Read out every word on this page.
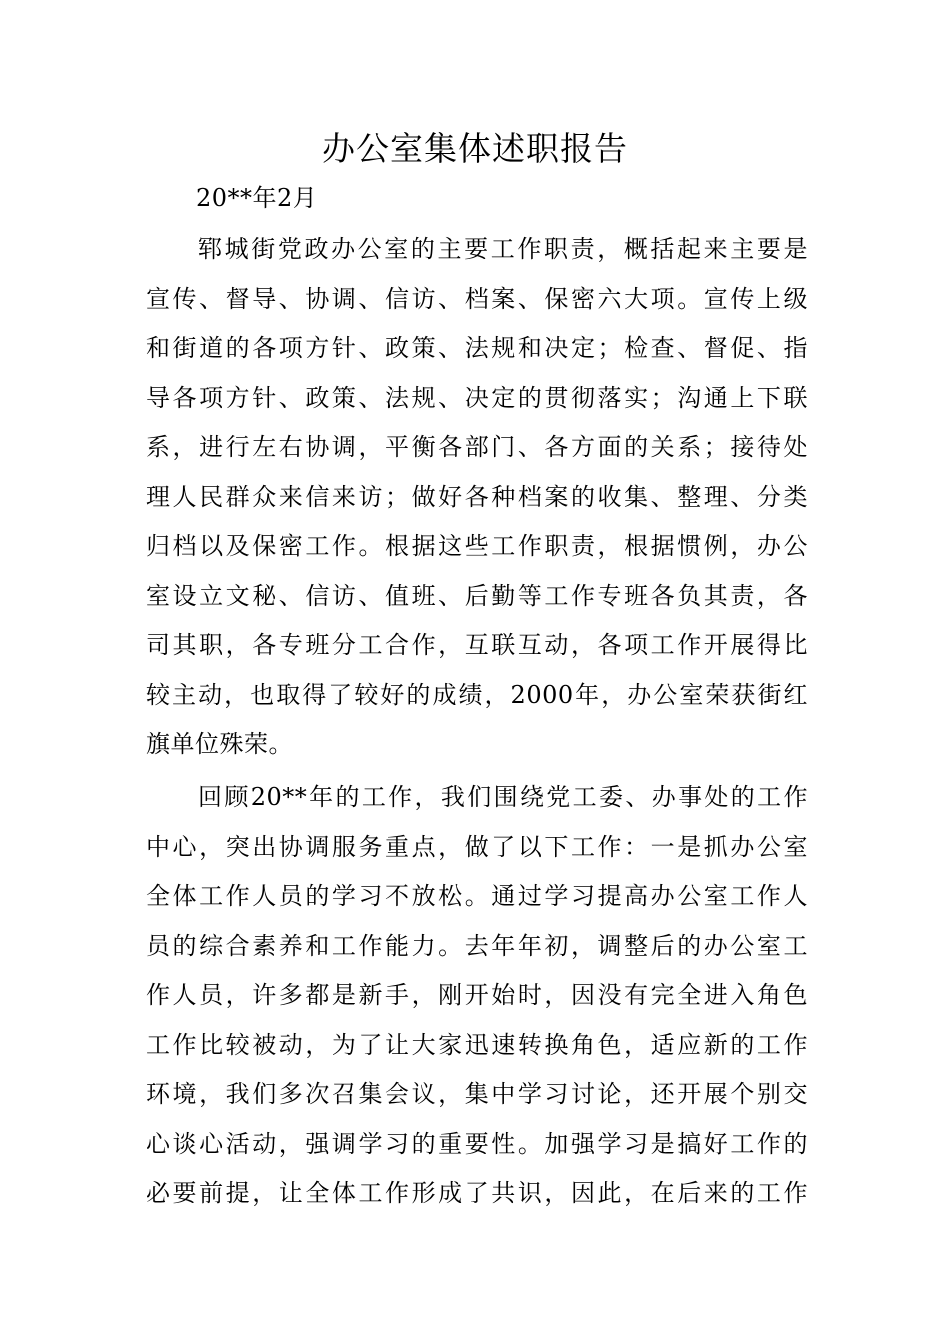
办公室集体述职报告

20**年2月

郓城街党政办公室的主要工作职责，概括起来主要是
宣传、督导、协调、信访、档案、保密六大项。宣传上级
和街道的各项方针、政策、法规和决定；检查、督促、指
导各项方针、政策、法规、决定的贯彻落实；沟通上下联
系，进行左右协调，平衡各部门、各方面的关系；接待处
理人民群众来信来访；做好各种档案的收集、整理、分类
归档以及保密工作。根据这些工作职责，根据惯例，办公
室设立文秘、信访、值班、后勤等工作专班各负其责，各
司其职，各专班分工合作，互联互动，各项工作开展得比
较主动，也取得了较好的成绩，2000年，办公室荣获街红
旗单位殊荣。
回顾20**年的工作，我们围绕党工委、办事处的工作
中心，突出协调服务重点，做了以下工作：一是抓办公室
全体工作人员的学习不放松。通过学习提高办公室工作人
员的综合素养和工作能力。去年年初，调整后的办公室工
作人员，许多都是新手，刚开始时，因没有完全进入角色
工作比较被动，为了让大家迅速转换角色，适应新的工作
环境，我们多次召集会议，集中学习讨论，还开展个别交
心谈心活动，强调学习的重要性。加强学习是搞好工作的
必要前提，让全体工作形成了共识，因此，在后来的工作
